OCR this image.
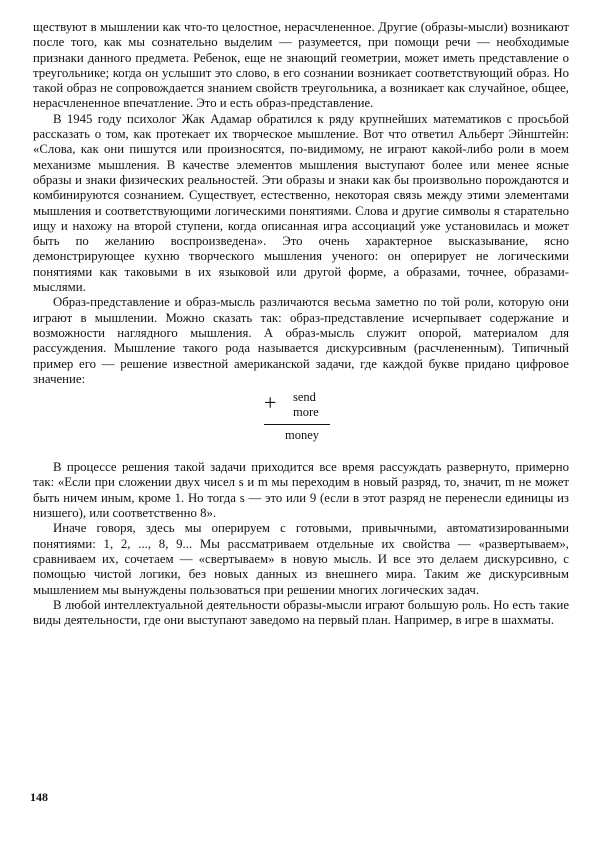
ществуют в мышлении как что-то целостное, нерасчлененное. Другие (образы-мысли) возникают после того, как мы сознательно выделим — разумеется, при помощи речи — необходимые признаки данного предмета. Ребенок, еще не знающий геометрии, может иметь представление о треугольнике; когда он услышит это слово, в его сознании возникает соответствующий образ. Но такой образ не сопровождается знанием свойств треугольника, а возникает как случайное, общее, нерасчлененное впечатление. Это и есть образ-представление.

В 1945 году психолог Жак Адамар обратился к ряду крупнейших математиков с просьбой рассказать о том, как протекает их творческое мышление. Вот что ответил Альберт Эйнштейн: «Слова, как они пишутся или произносятся, по-видимому, не играют какой-либо роли в моем механизме мышления. В качестве элементов мышления выступают более или менее ясные образы и знаки физических реальностей. Эти образы и знаки как бы произвольно порождаются и комбинируются сознанием. Существует, естественно, некоторая связь между этими элементами мышления и соответствующими логическими понятиями. Слова и другие символы я старательно ищу и нахожу на второй ступени, когда описанная игра ассоциаций уже установилась и может быть по желанию воспроизведена». Это очень характерное высказывание, ясно демонстрирующее кухню творческого мышления ученого: он оперирует не логическими понятиями как таковыми в их языковой или другой форме, а образами, точнее, образами-мыслями.

Образ-представление и образ-мысль различаются весьма заметно по той роли, которую они играют в мышлении. Можно сказать так: образ-представление исчерпывает содержание и возможности наглядного мышления. А образ-мысль служит опорой, материалом для рассуждения. Мышление такого рода называется дискурсивным (расчлененным). Типичный пример его — решение известной американской задачи, где каждой букве придано цифровое значение:

+ send
more
money

В процессе решения такой задачи приходится все время рассуждать развернуто, примерно так: «Если при сложении двух чисел s и m мы переходим в новый разряд, то, значит, m не может быть ничем иным, кроме 1. Но тогда s — это или 9 (если в этот разряд не перенесли единицы из низшего), или соответственно 8».

Иначе говоря, здесь мы оперируем с готовыми, привычными, автоматизированными понятиями: 1, 2, ..., 8, 9... Мы рассматриваем отдельные их свойства — «развертываем», сравниваем их, сочетаем — «свертываем» в новую мысль. И все это делаем дискурсивно, с помощью чистой логики, без новых данных из внешнего мира. Таким же дискурсивным мышлением мы вынуждены пользоваться при решении многих логических задач.

В любой интеллектуальной деятельности образы-мысли играют большую роль. Но есть такие виды деятельности, где они выступают заведомо на первый план. Например, в игре в шахматы.

148
